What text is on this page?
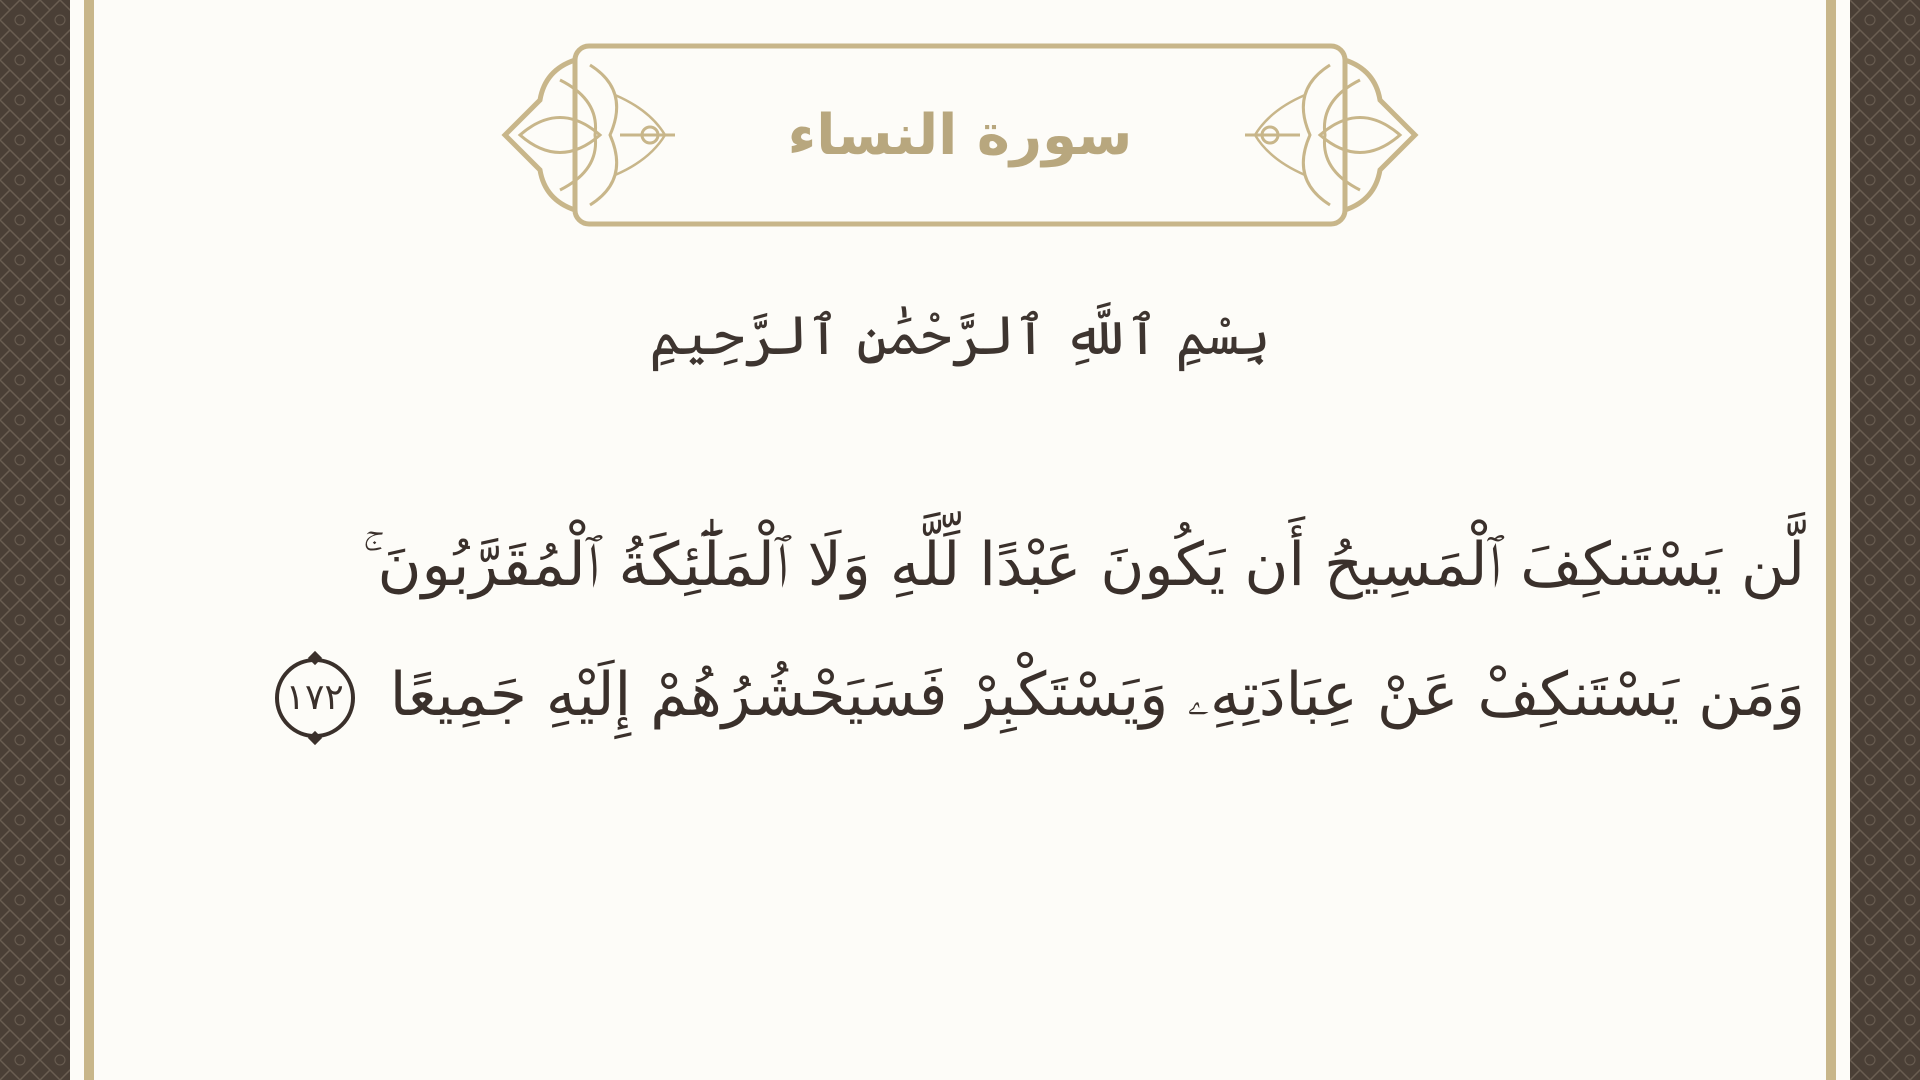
سورة النساء
بِسْمِ ٱللَّهِ ٱلرَّحْمَٰنِ ٱلرَّحِيمِ
لَّن يَسْتَنكِفَ ٱلْمَسِيحُ أَن يَكُونَ عَبْدًا لِّلَّهِ وَلَا ٱلْمَلَٰٓئِكَةُ ٱلْمُقَرَّبُونَ ۚ
وَمَن يَسْتَنكِفْ عَنْ عِبَادَتِهِۦ وَيَسْتَكْبِرْ فَسَيَحْشُرُهُمْ إِلَيْهِ جَمِيعًا ١٧٢
